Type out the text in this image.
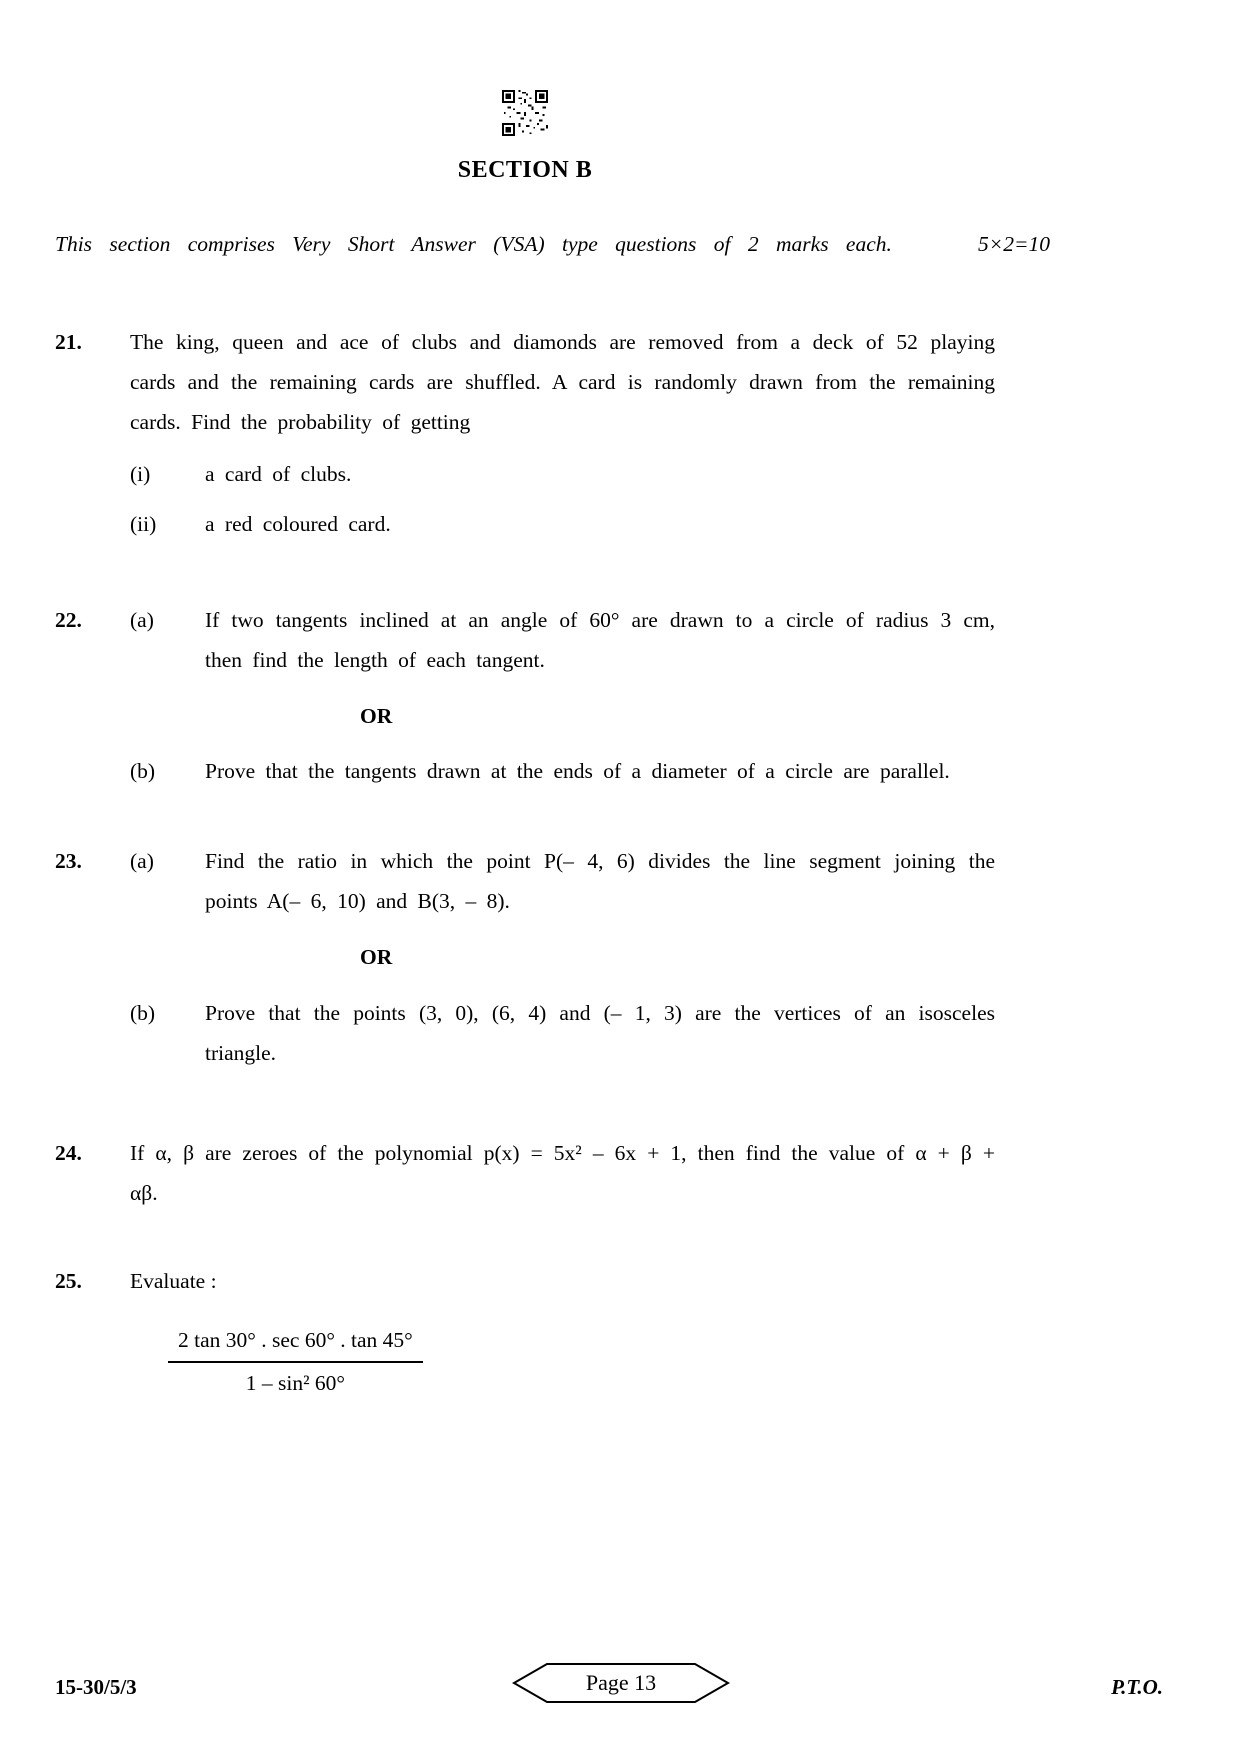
SECTION B
This section comprises Very Short Answer (VSA) type questions of 2 marks each.	5×2=10
21.	The king, queen and ace of clubs and diamonds are removed from a deck of 52 playing cards and the remaining cards are shuffled. A card is randomly drawn from the remaining cards. Find the probability of getting
(i)	a card of clubs.
(ii)	a red coloured card.
22.	(a)	If two tangents inclined at an angle of 60° are drawn to a circle of radius 3 cm, then find the length of each tangent.
OR
(b)	Prove that the tangents drawn at the ends of a diameter of a circle are parallel.
23.	(a)	Find the ratio in which the point P(– 4, 6) divides the line segment joining the points A(– 6, 10) and B(3, – 8).
OR
(b)	Prove that the points (3, 0), (6, 4) and (– 1, 3) are the vertices of an isosceles triangle.
24.	If α, β are zeroes of the polynomial p(x) = 5x² – 6x + 1, then find the value of α + β + αβ.
25.	Evaluate :
$\frac{2 \tan 30^\circ . \sec 60^\circ . \tan 45^\circ}{\text{1 – sin² 60°}}$
15-30/5/3	Page 13	P.T.O.
